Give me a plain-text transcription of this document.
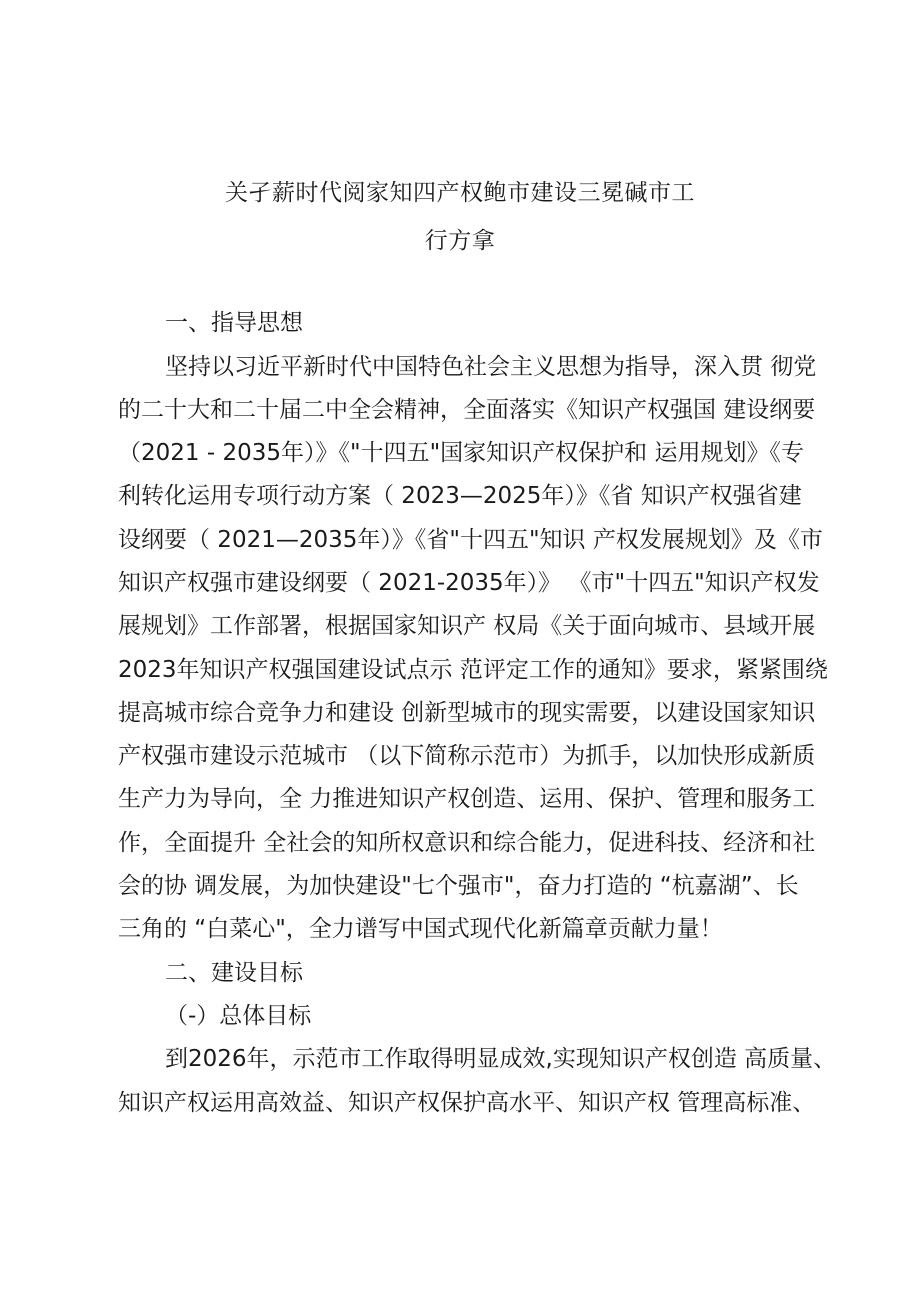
关孑薪时代阅家知四产权鲍市建设三冕碱市工
行方拿
一、指导思想
坚持以习近平新时代中国特色社会主义思想为指导，深入贯 彻党
的二十大和二十届二中全会精神，全面落实《知识产权强国 建设纲要
（2021 - 2035年）》《"十四五"国家知识产权保护和 运用规划》《专
利转化运用专项行动方案（ 2023—2025年）》《省 知识产权强省建
设纲要（ 2021—2035年）》《省"十四五"知识 产权发展规划》及《市
知识产权强市建设纲要（ 2021-2035年）》 《市"十四五"知识产权发
展规划》工作部署，根据国家知识产 权局《关于面向城市、县域开展
2023年知识产权强国建设试点示 范评定工作的通知》要求，紧紧围绕
提高城市综合竞争力和建设 创新型城市的现实需要，以建设国家知识
产权强市建设示范城市 （以下简称示范市）为抓手，以加快形成新质
生产力为导向，全 力推进知识产权创造、运用、保护、管理和服务工
作，全面提升 全社会的知所权意识和综合能力，促进科技、经济和社
会的协 调发展，为加快建设"七个强市"，奋力打造的 “杭嘉湖”、长
三角的 “白菜心"，全力谱写中国式现代化新篇章贡献力量！
二、建设目标
（-）总体目标
到2026年，示范市工作取得明显成效,实现知识产权创造 高质量、
知识产权运用高效益、知识产权保护高水平、知识产权 管理高标准、
